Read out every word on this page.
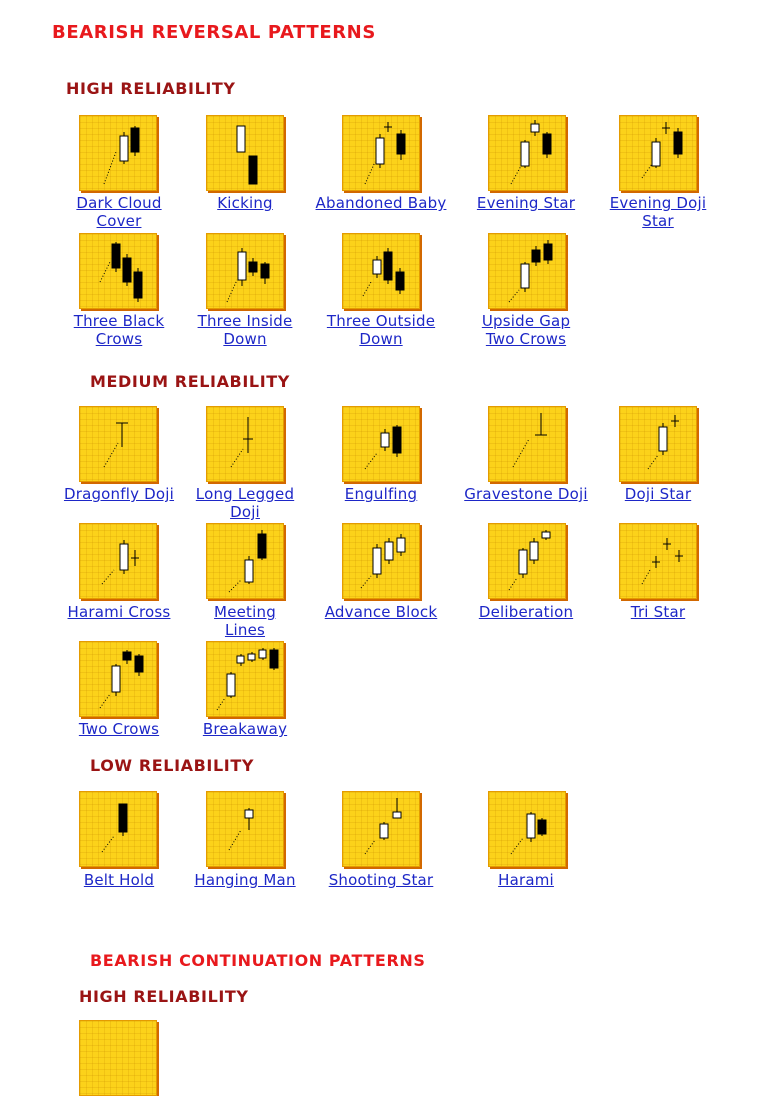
BEARISH REVERSAL PATTERNS
HIGH RELIABILITY
MEDIUM RELIABILITY
LOW RELIABILITY
BEARISH CONTINUATION PATTERNS
HIGH RELIABILITY
Dark Cloud
Cover
Kicking	Abandoned Baby	Evening Star	Evening Doji
Star
Three Black
Crows
Three Inside
Down
Three Outside
Down
Upside Gap
Two Crows
Dragonfly Doji	Long Legged
Doji
Engulfing	Gravestone Doji	Doji Star
Harami Cross	Meeting
Lines
Advance Block	Deliberation	Tri Star
Two Crows	Breakaway
Belt Hold	Hanging Man	Shooting Star	Harami
